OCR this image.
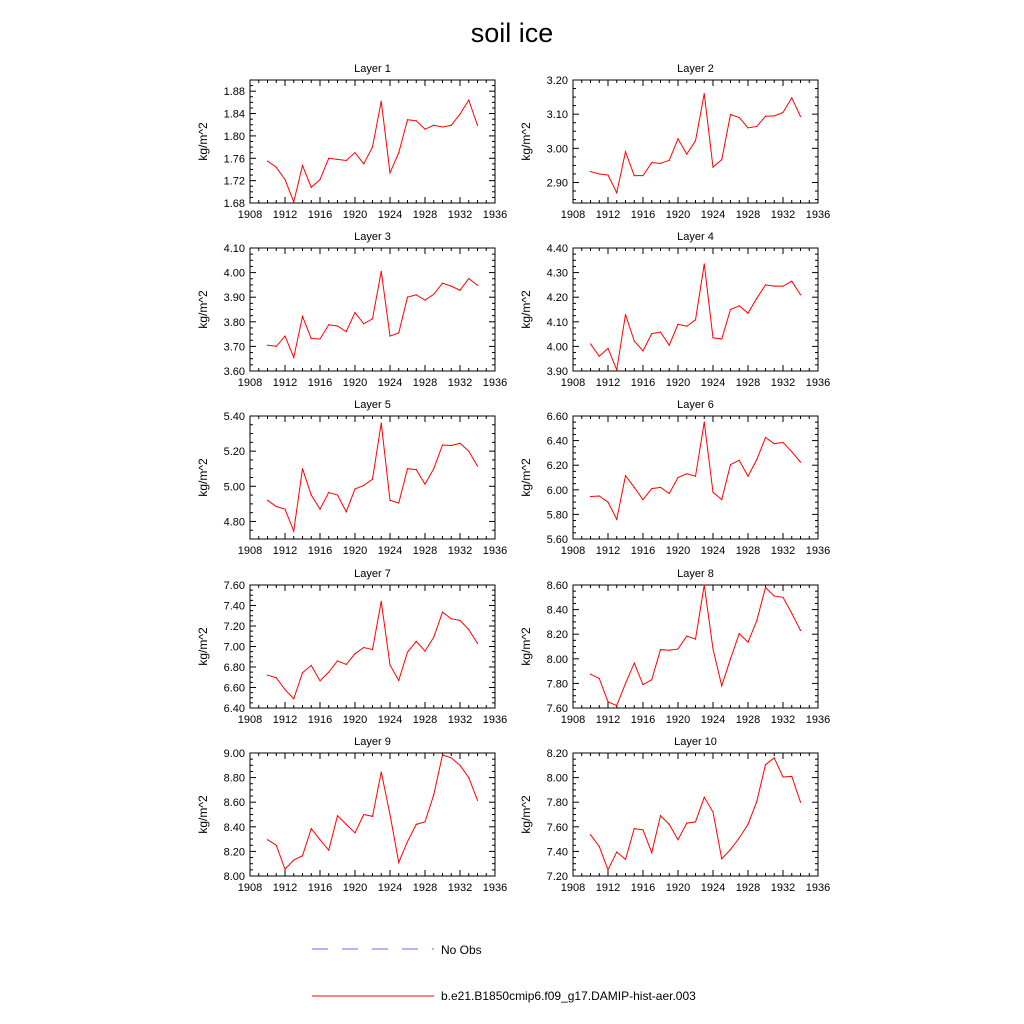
soil ice
Layer 1
kg/m^2
1908 1912 1916 1920 1924 1928 1932 1936
1.68
1.72
1.76
1.80
1.84
1.88
Layer 2
kg/m^2
1908 1912 1916 1920 1924 1928 1932 1936
2.90
3.00
3.10
3.20
Layer 3
kg/m^2
1908 1912 1916 1920 1924 1928 1932 1936
3.60
3.70
3.80
3.90
4.00
4.10
Layer 4
kg/m^2
1908 1912 1916 1920 1924 1928 1932 1936
3.90
4.00
4.10
4.20
4.30
4.40
Layer 5
kg/m^2
1908 1912 1916 1920 1924 1928 1932 1936
4.80
5.00
5.20
5.40
Layer 6
kg/m^2
1908 1912 1916 1920 1924 1928 1932 1936
5.60
5.80
6.00
6.20
6.40
6.60
Layer 7
kg/m^2
1908 1912 1916 1920 1924 1928 1932 1936
6.40
6.60
6.80
7.00
7.20
7.40
7.60
Layer 8
kg/m^2
1908 1912 1916 1920 1924 1928 1932 1936
7.60
7.80
8.00
8.20
8.40
8.60
Layer 9
kg/m^2
1908 1912 1916 1920 1924 1928 1932 1936
8.00
8.20
8.40
8.60
8.80
9.00
Layer 10
kg/m^2
1908 1912 1916 1920 1924 1928 1932 1936
7.20
7.40
7.60
7.80
8.00
8.20
No Obs
b.e21.B1850cmip6.f09_g17.DAMIP-hist-aer.003
